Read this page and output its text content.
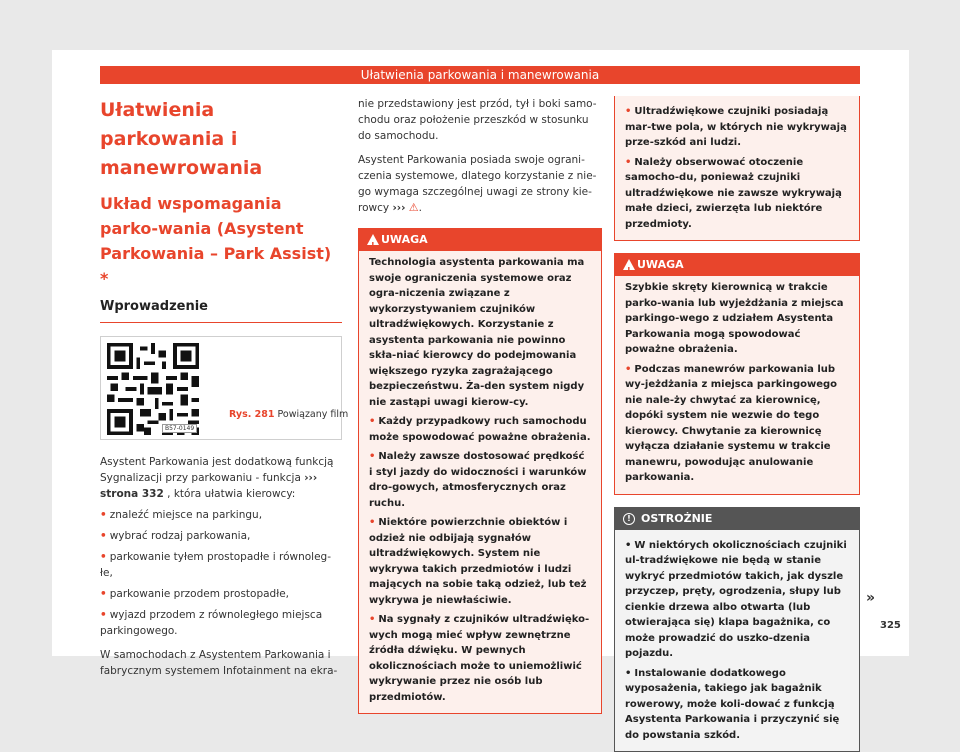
Ułatwienia parkowania i manewrowania
Ułatwienia parkowania i manewrowania
Układ wspomagania parko-wania (Asystent Parkowania – Park Assist) *
Wprowadzenie
B57-0149
Rys. 281 Powiązany film

Asystent Parkowania jest dodatkową funkcją Sygnalizacji przy parkowaniu - funkcja ››› strona 332 , która ułatwia kierowcy:

• znaleźć miejsce na parkingu,
• wybrać rodzaj parkowania,
• parkowanie tyłem prostopadłe i równoleg-łe,
• parkowanie przodem prostopadłe,
• wyjazd przodem z równoległego miejsca parkingowego.

W samochodach z Asystentem Parkowania i fabrycznym systemem Infotainment na ekra-

nie przedstawiony jest przód, tył i boki samo-chodu oraz położenie przeszkód w stosunku do samochodu.

Asystent Parkowania posiada swoje ograni-czenia systemowe, dlatego korzystanie z nie-go wymaga szczególnej uwagi ze strony kie-rowcy ››› ⚠.

!
UWAGA

Technologia asystenta parkowania ma swoje ograniczenia systemowe oraz ogra-niczenia związane z wykorzystywaniem czujników ultradźwiękowych. Korzystanie z asystenta parkowania nie powinno skła-niać kierowcy do podejmowania większego ryzyka zagrażającego bezpieczeństwu. Ża-den system nigdy nie zastąpi uwagi kierow-cy.

• Każdy przypadkowy ruch samochodu może spowodować poważne obrażenia.
• Należy zawsze dostosować prędkość i styl jazdy do widoczności i warunków dro-gowych, atmosferycznych oraz ruchu.
• Niektóre powierzchnie obiektów i odzież nie odbijają sygnałów ultradźwiękowych. System nie wykrywa takich przedmiotów i ludzi mających na sobie taką odzież, lub też wykrywa je niewłaściwie.
• Na sygnały z czujników ultradźwięko-wych mogą mieć wpływ zewnętrzne źródła dźwięku. W pewnych okolicznościach może to uniemożliwić wykrywanie przez nie osób lub przedmiotów.
• Ultradźwiękowe czujniki posiadają mar-twe pola, w których nie wykrywają prze-szkód ani ludzi.
• Należy obserwować otoczenie samocho-du, ponieważ czujniki ultradźwiękowe nie zawsze wykrywają małe dzieci, zwierzęta lub niektóre przedmioty.
!
UWAGA

Szybkie skręty kierownicą w trakcie parko-wania lub wyjeżdżania z miejsca parkingo-wego z udziałem Asystenta Parkowania mogą spowodować poważne obrażenia.

• Podczas manewrów parkowania lub wy-jeżdżania z miejsca parkingowego nie nale-ży chwytać za kierownicę, dopóki system nie wezwie do tego kierowcy. Chwytanie za kierownicę wyłącza działanie systemu w trakcie manewru, powodując anulowanie parkowania.
! OSTROŻNIE
• W niektórych okolicznościach czujniki ul-tradźwiękowe nie będą w stanie wykryć przedmiotów takich, jak dyszle przyczep, pręty, ogrodzenia, słupy lub cienkie drzewa albo otwarta (lub otwierająca się) klapa bagażnika, co może prowadzić do uszko-dzenia pojazdu.
• Instalowanie dodatkowego wyposażenia, takiego jak bagażnik rowerowy, może koli-dować z funkcją Asystenta Parkowania i przyczynić się do powstania szkód.
»
325
